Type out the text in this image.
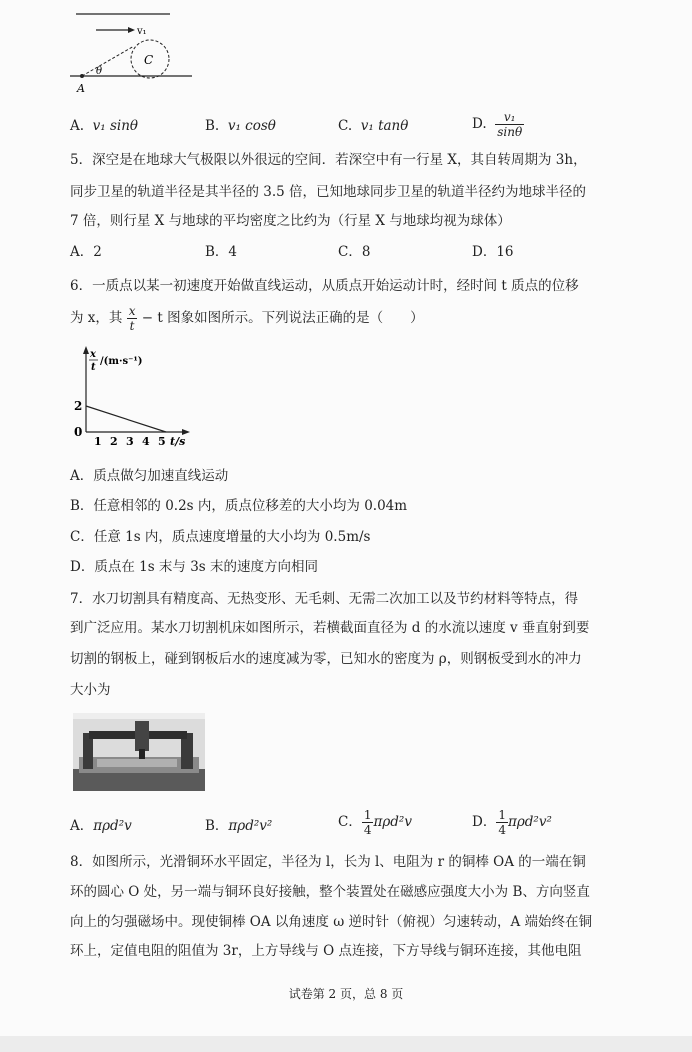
v₁
C
θ
A
A. v₁ sinθ	B. v₁ cosθ	C. v₁ tanθ	D. $\frac{\text{v₁}}{\sin\theta}$
5．深空是在地球大气极限以外很远的空间．若深空中有一行星 X，其自转周期为 3h，
同步卫星的轨道半径是其半径的 3.5 倍，已知地球同步卫星的轨道半径约为地球半径的
7 倍，则行星 X 与地球的平均密度之比约为（行星 X 与地球均视为球体）
A．2	B．4	C．8	D．16
6．一质点以某一初速度开始做直线运动，从质点开始运动计时，经时间 t 质点的位移
为 x，其 $\frac{x}{t} - t$ 图象如图所示。下列说法正确的是（　　）
x
t
/(m·s⁻¹)
2
0
1 2 3 4 5 t/s
A．质点做匀加速直线运动
B．任意相邻的 0.2s 内，质点位移差的大小均为 0.04m
C．任意 1s 内，质点速度增量的大小均为 0.5m/s
D．质点在 1s 末与 3s 末的速度方向相同
7．水刀切割具有精度高、无热变形、无毛刺、无需二次加工以及节约材料等特点，得
到广泛应用。某水刀切割机床如图所示，若横截面直径为 d 的水流以速度 v 垂直射到要
切割的钢板上，碰到钢板后水的速度减为零，已知水的密度为 ρ，则钢板受到水的冲力
大小为
A．πρd²v	B．πρd²v²	C． $\frac{1}{4} \pi\rho d^2v$	D． $\frac{1}{4} \pi\rho d^2v^2$
8．如图所示，光滑铜环水平固定，半径为 l，长为 l、电阻为 r 的铜棒 OA 的一端在铜
环的圆心 O 处，另一端与铜环良好接触，整个装置处在磁感应强度大小为 B、方向竖直
向上的匀强磁场中。现使铜棒 OA 以角速度 ω 逆时针（俯视）匀速转动，A 端始终在铜
环上，定值电阻的阻值为 3r，上方导线与 O 点连接，下方导线与铜环连接，其他电阻
试卷第 2 页，总 8 页
